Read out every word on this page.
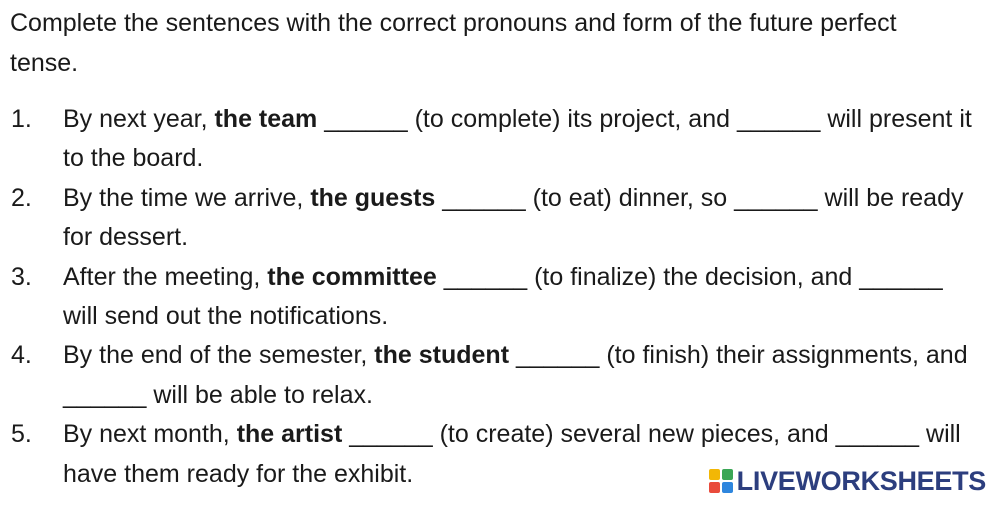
Complete the sentences with the correct pronouns and form of the future perfect tense.

1. By next year, the team ______ (to complete) its project, and ______ will present it to the board.
2. By the time we arrive, the guests ______ (to eat) dinner, so ______ will be ready for dessert.
3. After the meeting, the committee ______ (to finalize) the decision, and ______ will send out the notifications.
4. By the end of the semester, the student ______ (to finish) their assignments, and ______ will be able to relax.
5. By next month, the artist ______ (to create) several new pieces, and ______ will have them ready for the exhibit.	LIVEWORKSHEETS
